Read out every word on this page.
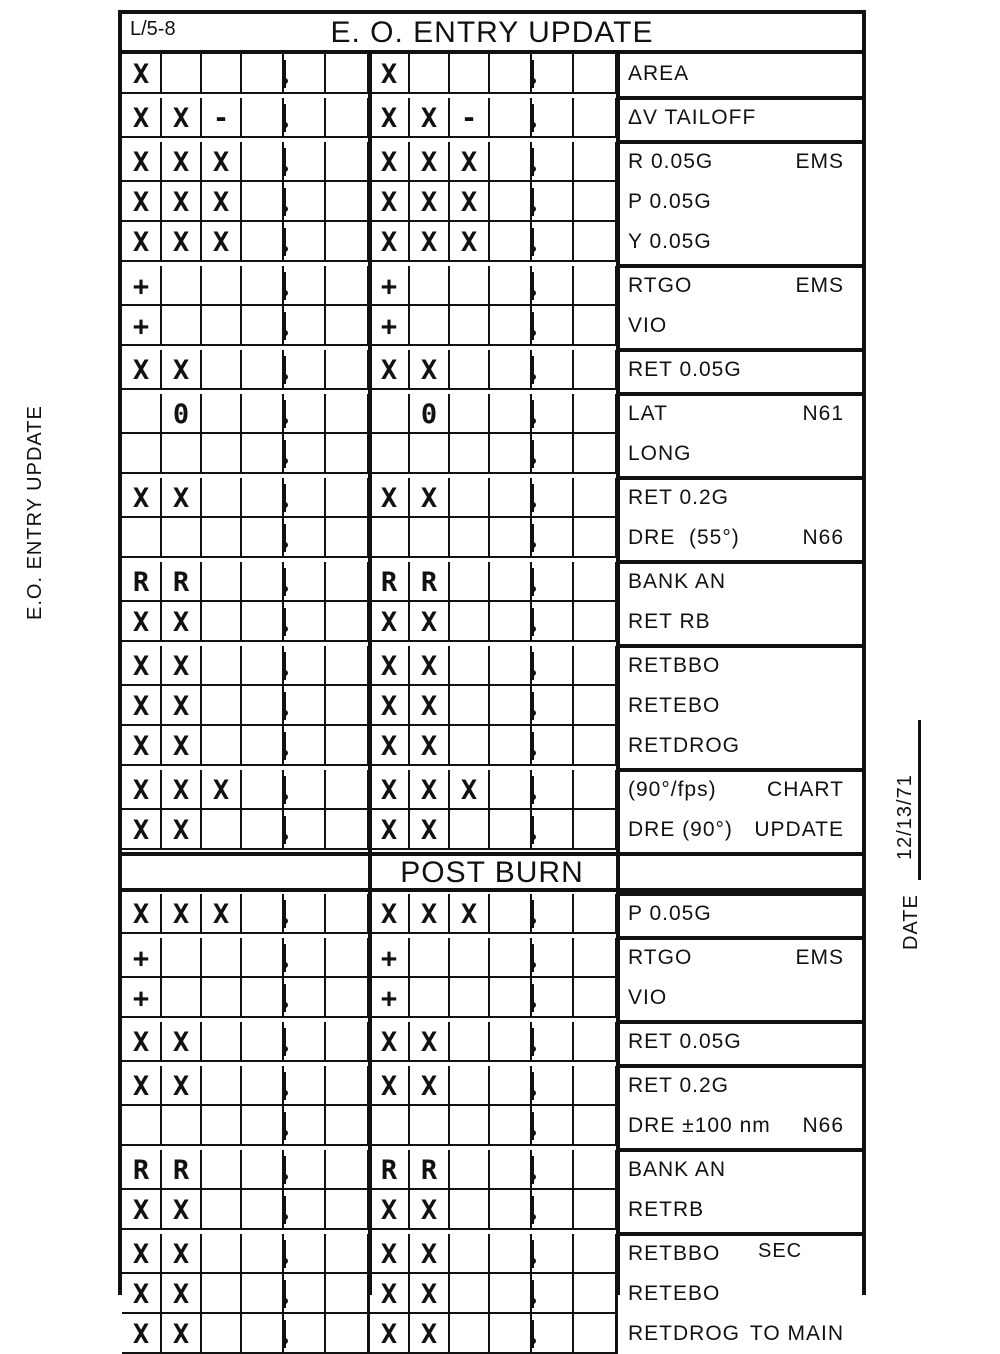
E.O. ENTRY UPDATE
L/5-8	E. O. ENTRY UPDATE
X	X	AREA
X X -	X X -	ΔV TAILOFF
X X X	X X X	R 0.05G	EMS
X X X	X X X	P 0.05G
X X X	X X X	Y 0.05G
+	+	RTGO	EMS
+	+	VIO
X X	X X	RET 0.05G
0	0	LAT	N61
LONG
X X	X X	RET 0.2G
DRE  (55°)	N66
R R	R R	BANK AN
X X	X X	RET RB
X X	X X	RETBBO
X X	X X	RETEBO
X X	X X	RETDROG
X X X	X X X	(90°/fps) CHART
X X	X X	DRE (90°) UPDATE
POST BURN
X X X	X X X	P 0.05G
+	+	RTGO	EMS
+	+	VIO
X X	X X	RET 0.05G
X X	X X	RET 0.2G
DRE ±100 nm N66
R R	R R	BANK AN
X X	X X	RETRB
X X	X X	RETBBO
X X	X X	RETEBO
X X	X X	RETDROG TO MAIN
12/13/71
DATE
SEC
